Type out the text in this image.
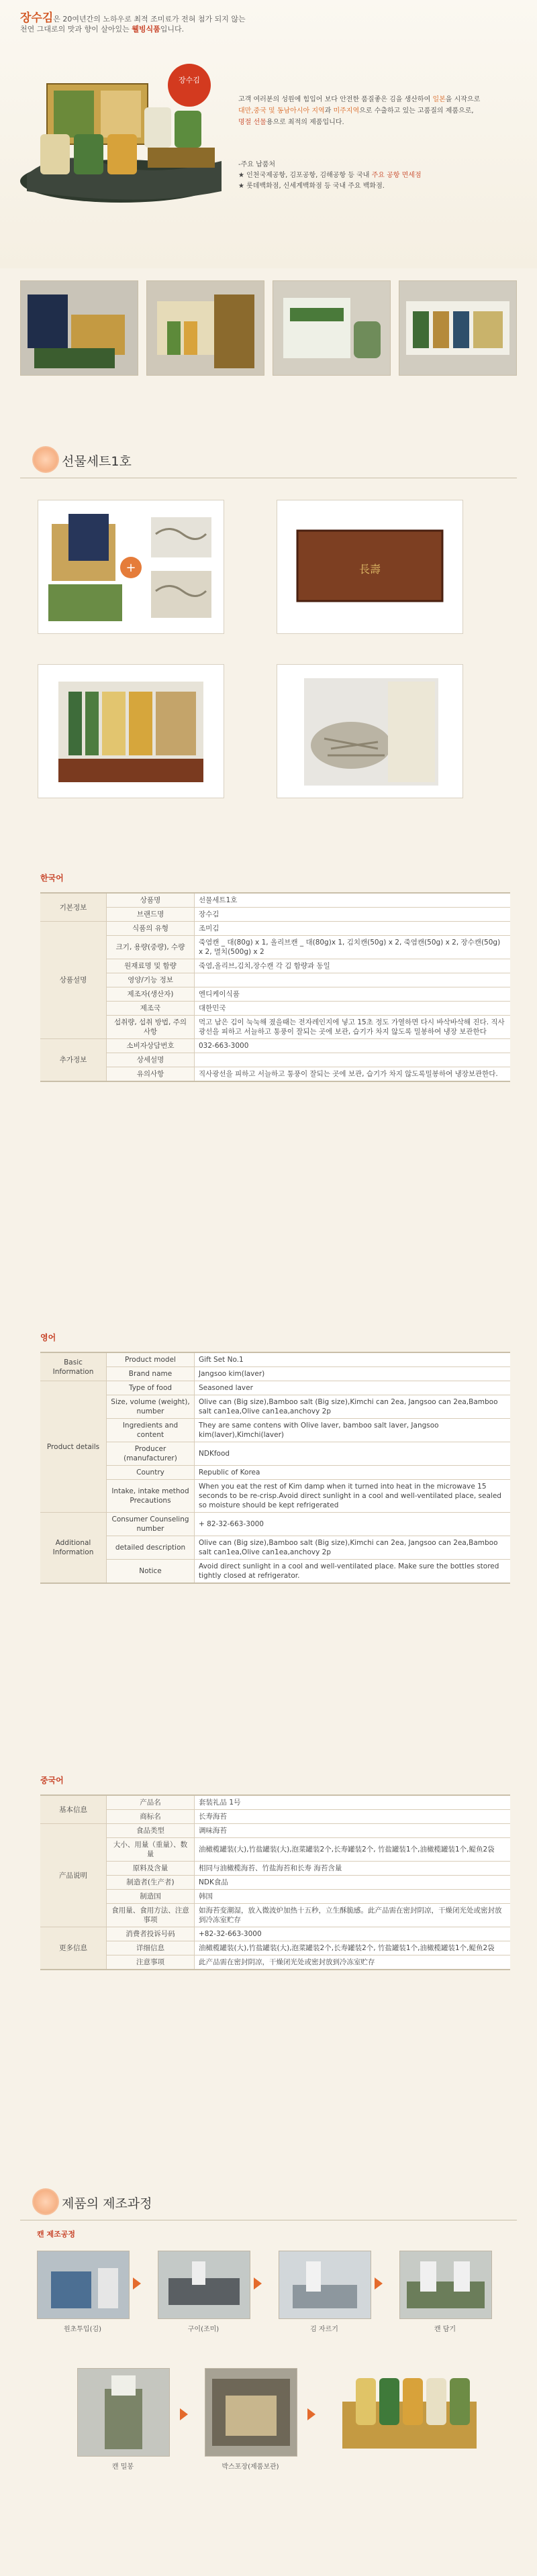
장수김은 20여년간의 노하우로 최적 조미료가 전혀 첨가 되지 않는
천연 그대로의 맛과 향이 살아있는 웰빙식품입니다.
장수김
고객 여러분의 성원에 힘입어 보다 안전한 품질좋은 김을 생산하여 일본을 시작으로
대만,중국 및 동남아시아 지역과 미주지역으로 수출하고 있는 고품질의 제품으로,
명절 선물용으로 최적의 제품입니다.
-주요 납품처
★ 인천국제공항, 김포공항, 김해공항 등 국내 주요 공항 면세점
★ 롯데백화점, 신세계백화점 등 국내 주요 백화점.
선물세트1호
+	長壽
한국어
기본정보	상품명	선물세트1호
	브랜드명	장수김
상품설명	식품의 유형	조미김
	크기, 용량(중량), 수량	죽염캔 _ 대(80g) x 1, 올리브캔 _ 대(80g)x 1, 김치캔(50g) x 2, 죽염캔(50g) x 2, 장수캔(50g) x 2, 멸치(500g) x 2
	원재료명 및 함량	죽염,올리브,김치,장수캔 각 김 함량과 동일
	영양/기능 정보	
	제조자(생산자)	엔디케이식품
	제조국	대한민국
	섭취량, 섭취 방법, 주의사항	먹고 남은 김이 눅눅해 졌을때는 전자레인지에 넣고 15초 정도 가열하면 다시 바삭바삭해 진다. 직사광선을 피하고 서늘하고 통풍이 잘되는 곳에 보관, 습기가 차지 않도록 밀봉하여 냉장 보관한다
추가정보	소비자상담번호	032-663-3000
	상세설명	
	유의사항	직사광선을 피하고 서늘하고 통풍이 잘되는 곳에 보관, 습기가 차지 않도록밀봉하여 냉장보관한다.
영어
Basic Information	Product model	Gift Set No.1
	Brand name	Jangsoo kim(laver)
Product details	Type of food	Seasoned laver
	Size, volume (weight), number	Olive can (Big size),Bamboo salt (Big size),Kimchi can 2ea, Jangsoo can 2ea,Bamboo salt can1ea,Olive can1ea,anchovy 2p
	Ingredients and content	They are same contens with Olive laver, bamboo salt laver, Jangsoo kim(laver),Kimchi(laver)
	Producer (manufacturer)	NDKfood
	Country	Republic of Korea
	Intake, intake method Precautions	When you eat the rest of Kim damp when it turned into heat in the microwave 15 seconds to be re-crisp.Avoid direct sunlight in a cool and well-ventilated place, sealed so moisture should be kept refrigerated
Additional Information	Consumer Counseling number	+ 82-32-663-3000
	detailed description	Olive can (Big size),Bamboo salt (Big size),Kimchi can 2ea, Jangsoo can 2ea,Bamboo salt can1ea,Olive can1ea,anchovy 2p
	Notice	Avoid direct sunlight in a cool and well-ventilated place. Make sure the bottles stored tightly closed at refrigerator.
중국어
基本信息	产品名	套装礼品 1号
	商标名	长寿海苔
产品说明	食品类型	调味海苔
	大小、用量（重量）、数量	油橄榄罐装(大),竹盐罐装(大),泡菜罐装2个,长寿罐装2个, 竹盐罐装1个,油橄榄罐装1个,鳀鱼2袋
	原料及含量	相同与油橄榄海苔、竹盐海苔和长寿 海苔含量
	制造者(生产者)	NDK食品
	制造国	韩国
	食用量、食用方法、注意事项	如海苔变潮湿，放入微波炉加热十五秒，立生酥脆感。此产品需在密封阴凉，干燥闭光处或密封放到冷冻室贮存
更多信息	消费者投诉号码	+82-32-663-3000
	详细信息	油橄榄罐装(大),竹盐罐装(大),泡菜罐装2个,长寿罐装2个, 竹盐罐装1个,油橄榄罐装1个,鳀鱼2袋
	注意事项	此产品需在密封阴凉，干燥闭光处或密封放到冷冻室贮存
제품의 제조과정
캔 제조공정
원초투입(김)	구이(조미)	김 자르기	캔 담기
캔 밀봉	박스포장(제품보관)
